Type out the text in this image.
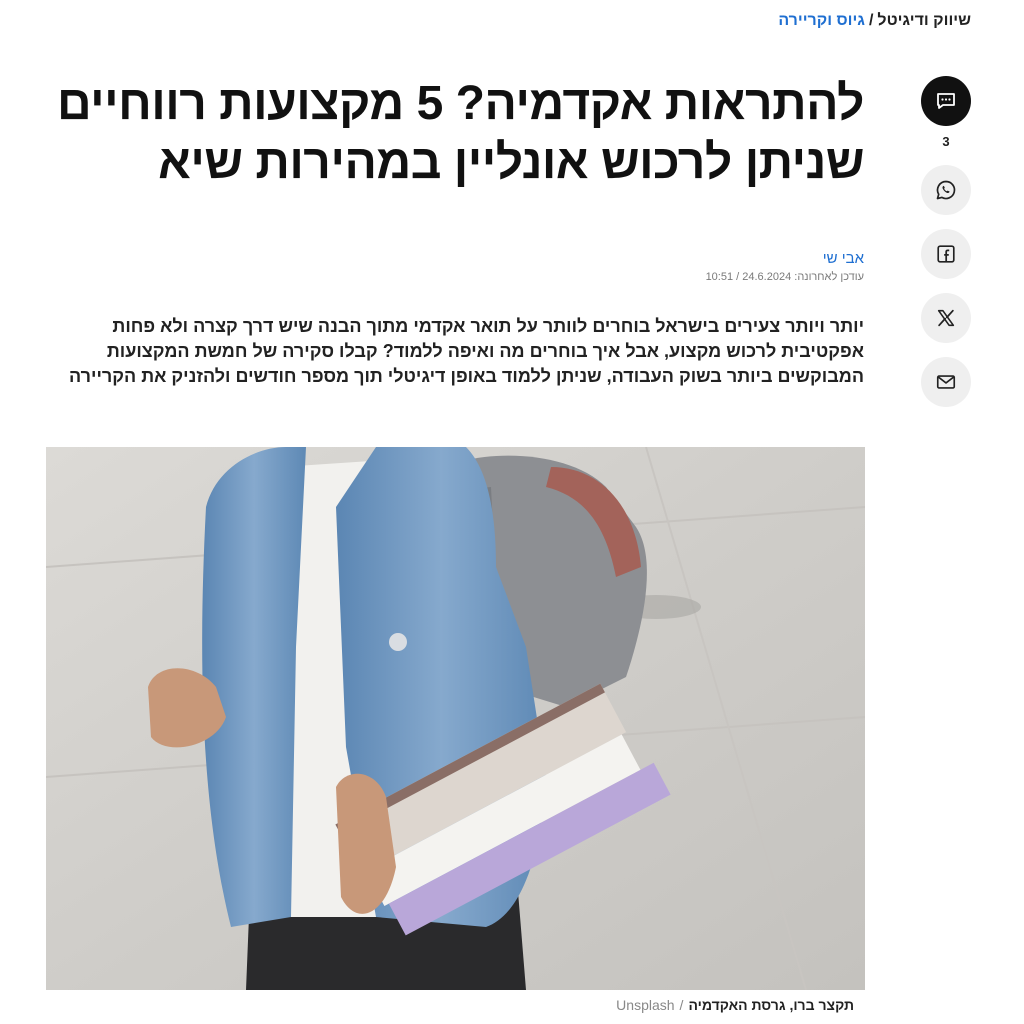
שיווק ודיגיטל/גיוס וקריירה
3
להתראות אקדמיה? 5 מקצועות רווחיים שניתן לרכוש אונליין במהירות שיא
אבי שי
עודכן לאחרונה: 24.6.2024 / 10:51

יותר ויותר צעירים בישראל בוחרים לוותר על תואר אקדמי מתוך הבנה שיש דרך קצרה ולא פחות אפקטיבית לרכוש מקצוע, אבל איך בוחרים מה ואיפה ללמוד? קבלו סקירה של חמשת המקצועות המבוקשים ביותר בשוק העבודה, שניתן ללמוד באופן דיגיטלי תוך מספר חודשים ולהזניק את הקריירה

תקצר ברו, גרסת האקדמיה/Unsplash
